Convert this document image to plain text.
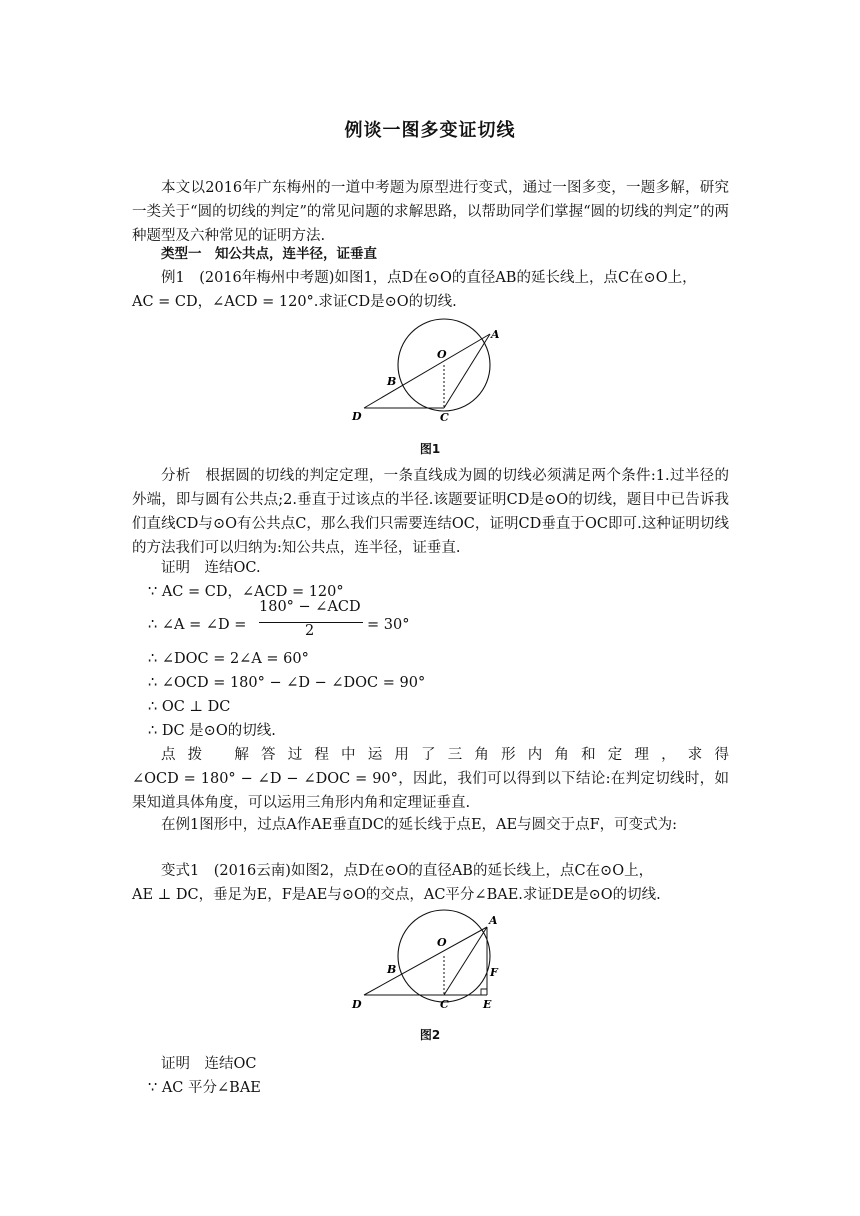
例谈一图多变证切线
本文以2016年广东梅州的一道中考题为原型进行变式，通过一图多变，一题多解，研究一类关于“圆的切线的判定”的常见问题的求解思路，以帮助同学们掌握“圆的切线的判定”的两种题型及六种常见的证明方法.
类型一　知公共点，连半径，证垂直
例1　(2016年梅州中考题)如图1，点D在⊙O的直径AB的延长线上，点C在⊙O上，
AC = CD，∠ACD = 120°.求证CD是⊙O的切线.
A
B
C
D
O
图1
分析　根据圆的切线的判定定理，一条直线成为圆的切线必须满足两个条件:1.过半径的外端，即与圆有公共点;2.垂直于过该点的半径.该题要证明CD是⊙O的切线，题目中已告诉我们直线CD与⊙O有公共点C，那么我们只需要连结OC，证明CD垂直于OC即可.这种证明切线的方法我们可以归纳为:知公共点，连半径，证垂直.
证明　连结OC.
∵ AC = CD，∠ACD = 120°
∴ ∠A = ∠D =
180° − ∠ACD
2	= 30°
∴ ∠DOC = 2∠A = 60°
∴ ∠OCD = 180° − ∠D − ∠DOC = 90°
∴ OC ⊥ DC
∴ DC 是⊙O的切线.
点 拨 解 答 过 程 中 运 用 了 三 角 形 内 角 和 定 理 ， 求 得
∠OCD = 180° − ∠D − ∠DOC = 90°，因此，我们可以得到以下结论:在判定切线时，如果知道具体角度，可以运用三角形内角和定理证垂直.
在例1图形中，过点A作AE垂直DC的延长线于点E，AE与圆交于点F，可变式为:
变式1　(2016云南)如图2，点D在⊙O的直径AB的延长线上，点C在⊙O上，
AE ⊥ DC，垂足为E，F是AE与⊙O的交点，AC平分∠BAE.求证DE是⊙O的切线.
A
B
C
D	E
F
O
图2
证明　连结OC
∵ AC 平分∠BAE
